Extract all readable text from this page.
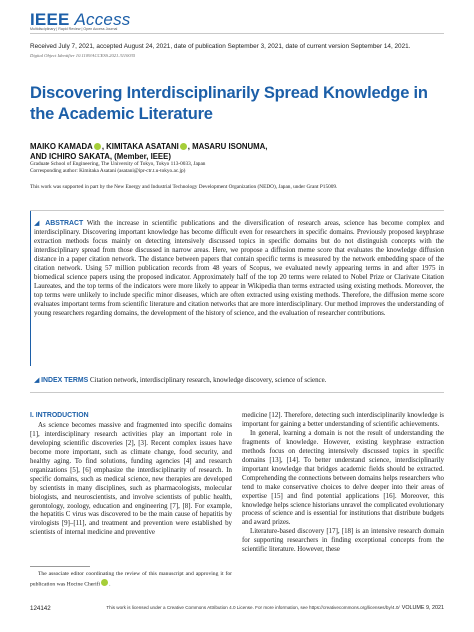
IEEE Access
Multidisciplinary | Rapid Review | Open Access Journal
Received July 7, 2021, accepted August 24, 2021, date of publication September 3, 2021, date of current version September 14, 2021.
Digital Object Identifier 10.1109/ACCESS.2021.3110035
Discovering Interdisciplinarily Spread Knowledge in the Academic Literature
MAIKO KAMADA , KIMITAKA ASATANI , MASARU ISONUMA,
AND ICHIRO SAKATA, (Member, IEEE)
Graduate School of Engineering, The University of Tokyo, Tokyo 113-0033, Japan
Corresponding author: Kimitaka Asatani (asatani@ipr-ctr.t.u-tokyo.ac.jp)
This work was supported in part by the New Energy and Industrial Technology Development Organization (NEDO), Japan, under Grant P15009.
◢ ABSTRACT With the increase in scientific publications and the diversification of research areas, science has become complex and interdisciplinary. Discovering important knowledge has become difficult even for researchers in specific domains. Previously proposed keyphrase extraction methods focus mainly on detecting intensively discussed topics in specific domains but do not distinguish concepts with the interdisciplinary spread from those discussed in narrow areas. Here, we propose a diffusion meme score that evaluates the knowledge diffusion distance in a paper citation network. The distance between papers that contain specific terms is measured by the network embedding space of the citation network. Using 57 million publication records from 48 years of Scopus, we evaluated newly appearing terms in and after 1975 in biomedical science papers using the proposed indicator. Approximately half of the top 20 terms were related to Nobel Prize or Clarivate Citation Laureates, and the top terms of the indicators were more likely to appear in Wikipedia than terms extracted using existing methods. Moreover, the top terms were unlikely to include specific minor diseases, which are often extracted using existing methods. Therefore, the diffusion meme score evaluates important terms from scientific literature and citation networks that are more interdisciplinary. Our method improves the understanding of young researchers regarding domains, the development of the history of science, and the evaluation of researcher contributions.
◢ INDEX TERMS Citation network, interdisciplinary research, knowledge discovery, science of science.
I. INTRODUCTION

As science becomes massive and fragmented into specific domains [1], interdisciplinary research activities play an important role in developing scientific discoveries [2], [3]. Recent complex issues have become more important, such as climate change, food security, and healthy aging. To find solutions, funding agencies [4] and research organizations [5], [6] emphasize the interdisciplinarity of research. In specific domains, such as medical science, new therapies are developed by scientists in many disciplines, such as pharmacologists, molecular biologists, and neuroscientists, and involve scientists of public health, gerontology, zoology, education and engineering [7], [8]. For example, the hepatitis C virus was discovered to be the main cause of hepatitis by virologists [9]–[11], and treatment and prevention were established by scientists of internal medicine and preventive

The associate editor coordinating the review of this manuscript and approving it for publication was Hocine Cherifi .

medicine [12]. Therefore, detecting such interdisciplinarily knowledge is important for gaining a better understanding of scientific achievements.

In general, learning a domain is not the result of understanding the fragments of knowledge. However, existing keyphrase extraction methods focus on detecting intensively discussed topics in specific domains [13], [14]. To better understand science, interdisciplinarily important knowledge that bridges academic fields should be extracted. Comprehending the connections between domains helps researchers who tend to make conservative choices to delve deeper into their areas of expertise [15] and find potential applications [16]. Moreover, this knowledge helps science historians unravel the complicated evolutionary process of science and is essential for institutions that distribute budgets and award prizes.

Literature-based discovery [17], [18] is an intensive research domain for supporting researchers in finding exceptional concepts from the scientific literature. However, these

124142	This work is licensed under a Creative Commons Attribution 4.0 License. For more information, see https://creativecommons.org/licenses/by/4.0/ VOLUME 9, 2021
